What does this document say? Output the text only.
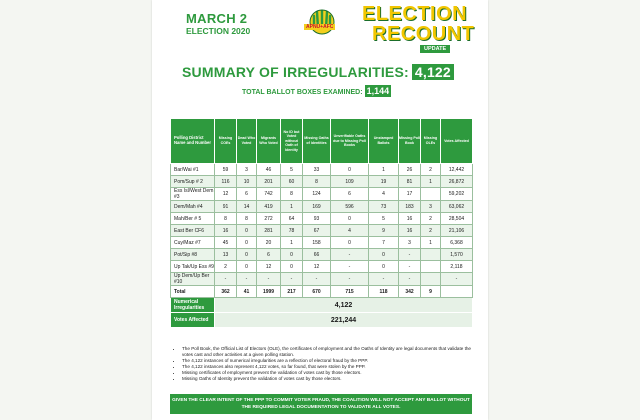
MARCH 2
ELECTION 2020	APNU+AFC
ELECTION
RECOUNT
UPDATE
SUMMARY OF IRREGULARITIES: 4,122
TOTAL BALLOT BOXES EXAMINED: 1,144
Polling District Name and Number	Missing COEs	Dead Who Voted	Migrants Who Voted	No ID but Voted without Oath of Identity	Missing Oaths of Identities	Unverifiable Oaths due to Missing Poll Books	Unstamped Ballots	Missing Poll Book	Missing OLEs	Votes Affected
Bar/Wai #1	59	3	46	5	33	0	1	26	2	12,442
Pom/Sup # 2	116	10	201	60	8	109	19	81	1	26,872
Ess Isl/West Dem #3	12	6	742	8	124	6	4	17		59,202
Dem/Mah #4	91	14	419	1	169	596	73	183	3	63,062
Mah/Ber # 5	8	8	272	64	93	0	5	16	2	28,504
East Ber CF6	16	0	281	78	67	4	9	16	2	21,106
Cuy/Maz #7	45	0	20	1	158	0	7	3	1	6,368
Pot/Sip #8	13	0	6	0	66	-	0	-		1,570
Up Tak/Up Ess #9	2	0	12	0	12	-	0	-		2,118
Up Dem/Up Ber #10	-	-	-	-	-	-	-	-		-
Total	362	41	1999	217	670	715	118	342	9	
Numerical Irregularities	4,122									
Votes Affected	221,244									
• The Poll Book, the Official List of Electors (OLE), the certificates of employment and the Oaths of Identity are legal documents that validate the votes cast and other activities at a given polling station.
• The 4,122 instances of numerical irregularities are a reflection of electoral fraud by the PPP.
• The 4,122 instances also represent 4,122 votes, so far found, that were stolen by the PPP.
• Missing certificates of employment prevent the validation of votes cast by those electors.
• Missing Oaths of Identity prevent the validation of votes cast by those electors.
GIVEN THE CLEAR INTENT OF THE PPP TO COMMIT VOTER FRAUD, THE COALITION WILL NOT ACCEPT ANY BALLOT WITHOUT THE REQUIRED LEGAL DOCUMENTATION TO VALIDATE ALL VOTES.
